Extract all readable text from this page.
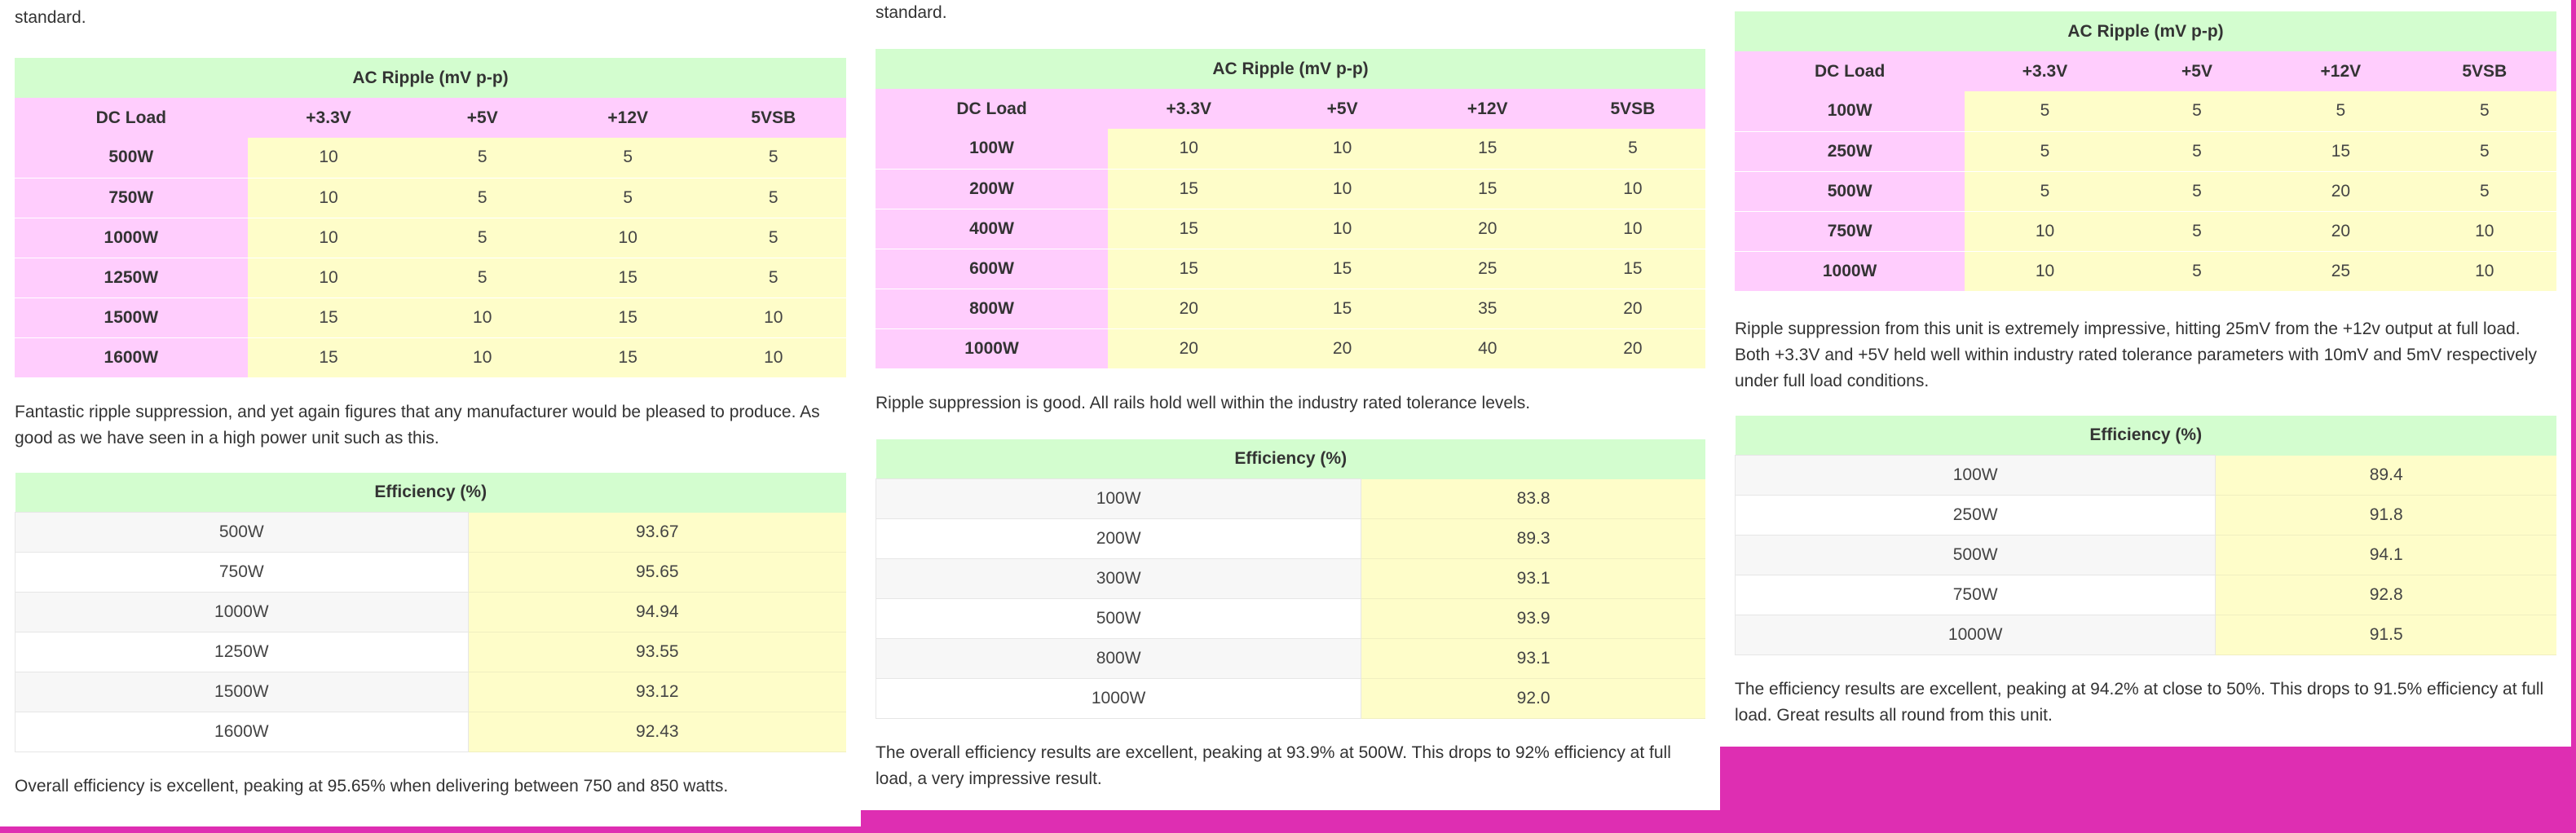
standard.
AC Ripple (mV p-p)				
DC Load	+3.3V	+5V	+12V	5VSB
500W	10	5	5	5
750W	10	5	5	5
1000W	10	5	10	5
1250W	10	5	15	5
1500W	15	10	15	10
1600W	15	10	15	10

Fantastic ripple suppression, and yet again figures that any manufacturer would be pleased to produce. As good as we have seen in a high power unit such as this.

Efficiency (%)	
500W	93.67
750W	95.65
1000W	94.94
1250W	93.55
1500W	93.12
1600W	92.43

Overall efficiency is excellent, peaking at 95.65% when delivering between 750 and 850 watts.

standard.
AC Ripple (mV p-p)				
DC Load	+3.3V	+5V	+12V	5VSB
100W	10	10	15	5
200W	15	10	15	10
400W	15	10	20	10
600W	15	15	25	15
800W	20	15	35	20
1000W	20	20	40	20

Ripple suppression is good. All rails hold well within the industry rated tolerance levels.

Efficiency (%)	
100W	83.8
200W	89.3
300W	93.1
500W	93.9
800W	93.1
1000W	92.0

The overall efficiency results are excellent, peaking at 93.9% at 500W. This drops to 92% efficiency at full load, a very impressive result.

AC Ripple (mV p-p)				
DC Load	+3.3V	+5V	+12V	5VSB
100W	5	5	5	5
250W	5	5	15	5
500W	5	5	20	5
750W	10	5	20	10
1000W	10	5	25	10

Ripple suppression from this unit is extremely impressive, hitting 25mV from the +12v output at full load. Both +3.3V and +5V held well within industry rated tolerance parameters with 10mV and 5mV respectively under full load conditions.

Efficiency (%)	
100W	89.4
250W	91.8
500W	94.1
750W	92.8
1000W	91.5

The efficiency results are excellent, peaking at 94.2% at close to 50%. This drops to 91.5% efficiency at full load. Great results all round from this unit.
